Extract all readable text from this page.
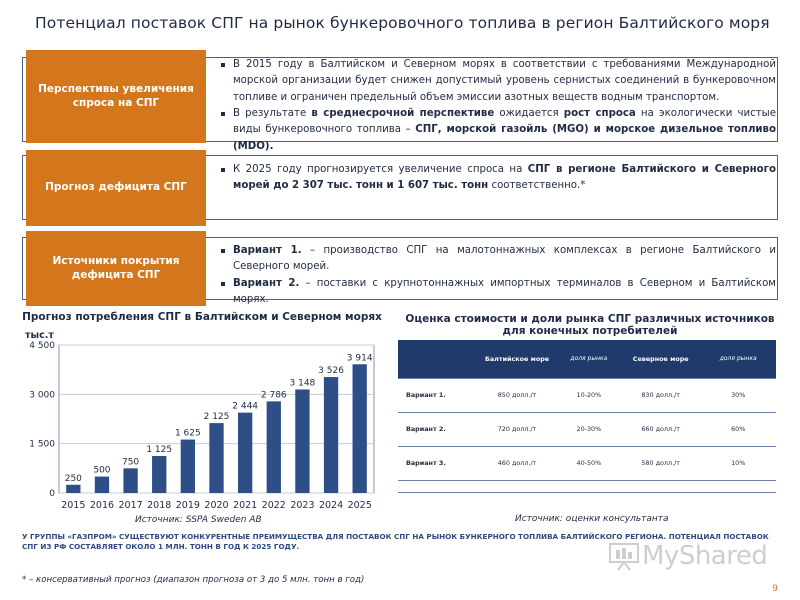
Потенциал поставок СПГ на рынок бункеровочного топлива в регион Балтийского моря
Перспективы увеличения спроса на СПГ
В 2015 году в Балтийском и Северном морях в соответствии с требованиями Международной морской организации будет снижен допустимый уровень сернистых соединений в бункеровочном топливе и ограничен предельный объем эмиссии азотных веществ водным транспортом.
В результате в среднесрочной перспективе ожидается рост спроса на экологически чистые виды бункеровочного топлива – СПГ, морской газойль (MGO) и морское дизельное топливо (MDO).
Прогноз дефицита СПГ
К 2025 году прогнозируется увеличение спроса на СПГ в регионе Балтийского и Северного морей до 2 307 тыс. тонн и 1 607 тыс. тонн соответственно.*
Источники покрытия дефицита СПГ
Вариант 1. – производство СПГ на малотоннажных комплексах в регионе Балтийского и Северного морей.
Вариант 2. – поставки с крупнотоннажных импортных терминалов в Северном и Балтийском морях.
Прогноз потребления СПГ в Балтийском и Северном морях
0
1 500
3 000
4 500
тыс.т
250
2015
500
2016
750
2017
1 125
2018
1 625
2019
2 125
2020
2 444
2021
2 786
2022
3 148
2023
3 526
2024
3 914
2025
Источник: SSPA Sweden AB
Оценка стоимости и доли рынка СПГ различных источников для конечных потребителей
	Балтийское море	доля рынка	Северное море	доля рынка
Вариант 1.	850 долл./т	10-20%	830 долл./т	30%
Вариант 2.	720 долл./т	20-30%	660 долл./т	60%
Вариант 3.	460 долл./т	40-50%	580 долл./т	10%

Источник: оценки консультанта
У ГРУППЫ «ГАЗПРОМ» СУЩЕСТВУЮТ КОНКУРЕНТНЫЕ ПРЕИМУЩЕСТВА ДЛЯ ПОСТАВОК СПГ НА РЫНОК БУНКЕРНОГО ТОПЛИВА БАЛТИЙСКОГО РЕГИОНА. ПОТЕНЦИАЛ ПОСТАВОК СПГ ИЗ РФ СОСТАВЛЯЕТ ОКОЛО 1 МЛН. ТОНН В ГОД К 2025 ГОДУ.	MyShared
* – консервативный прогноз (диапазон прогноза от 3 до 5 млн. тонн в год)
9
